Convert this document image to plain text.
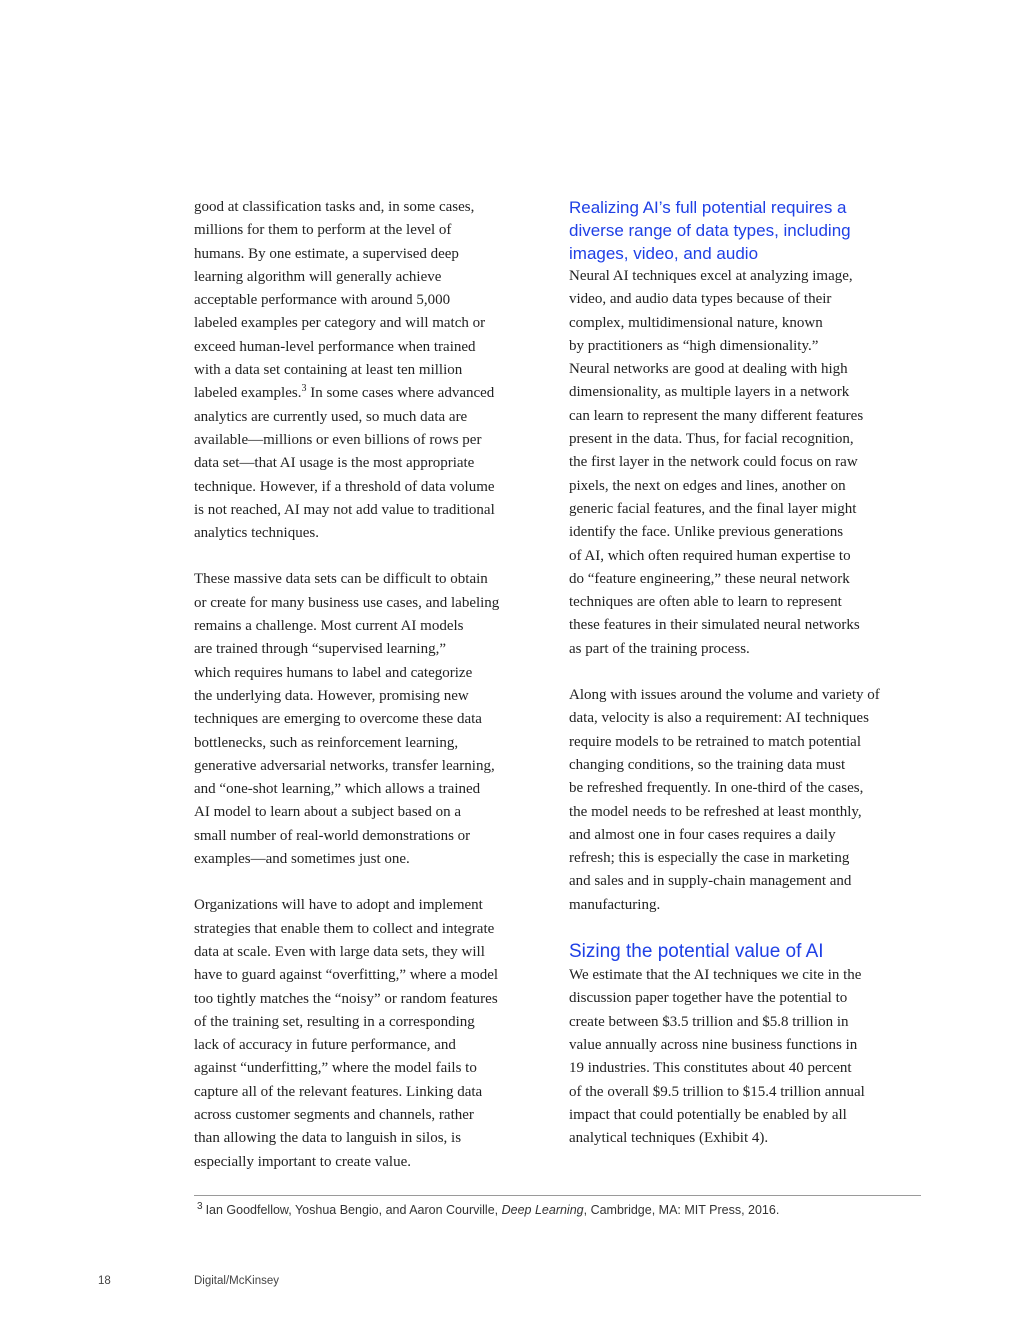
good at classification tasks and, in some cases,
millions for them to perform at the level of
humans. By one estimate, a supervised deep
learning algorithm will generally achieve
acceptable performance with around 5,000
labeled examples per category and will match or
exceed human-level performance when trained
with a data set containing at least ten million
labeled examples.$^3$ In some cases where advanced
analytics are currently used, so much data are
available—millions or even billions of rows per
data set—that AI usage is the most appropriate
technique. However, if a threshold of data volume
is not reached, AI may not add value to traditional
analytics techniques.

These massive data sets can be difficult to obtain
or create for many business use cases, and labeling
remains a challenge. Most current AI models
are trained through “supervised learning,”
which requires humans to label and categorize
the underlying data. However, promising new
techniques are emerging to overcome these data
bottlenecks, such as reinforcement learning,
generative adversarial networks, transfer learning,
and “one-shot learning,” which allows a trained
AI model to learn about a subject based on a
small number of real-world demonstrations or
examples—and sometimes just one.

Organizations will have to adopt and implement
strategies that enable them to collect and integrate
data at scale. Even with large data sets, they will
have to guard against “overfitting,” where a model
too tightly matches the “noisy” or random features
of the training set, resulting in a corresponding
lack of accuracy in future performance, and
against “underfitting,” where the model fails to
capture all of the relevant features. Linking data
across customer segments and channels, rather
than allowing the data to languish in silos, is
especially important to create value.

Realizing AI’s full potential requires a
diverse range of data types, including
images, video, and audio

Neural AI techniques excel at analyzing image,
video, and audio data types because of their
complex, multidimensional nature, known
by practitioners as “high dimensionality.”
Neural networks are good at dealing with high
dimensionality, as multiple layers in a network
can learn to represent the many different features
present in the data. Thus, for facial recognition,
the first layer in the network could focus on raw
pixels, the next on edges and lines, another on
generic facial features, and the final layer might
identify the face. Unlike previous generations
of AI, which often required human expertise to
do “feature engineering,” these neural network
techniques are often able to learn to represent
these features in their simulated neural networks
as part of the training process.

Along with issues around the volume and variety of
data, velocity is also a requirement: AI techniques
require models to be retrained to match potential
changing conditions, so the training data must
be refreshed frequently. In one-third of the cases,
the model needs to be refreshed at least monthly,
and almost one in four cases requires a daily
refresh; this is especially the case in marketing
and sales and in supply-chain management and
manufacturing.

Sizing the potential value of AI

We estimate that the AI techniques we cite in the
discussion paper together have the potential to
create between $3.5 trillion and $5.8 trillion in
value annually across nine business functions in
19 industries. This constitutes about 40 percent
of the overall $9.5 trillion to $15.4 trillion annual
impact that could potentially be enabled by all
analytical techniques (Exhibit 4).

$^3$ Ian Goodfellow, Yoshua Bengio, and Aaron Courville, Deep Learning, Cambridge, MA: MIT Press, 2016.
18	Digital/McKinsey
